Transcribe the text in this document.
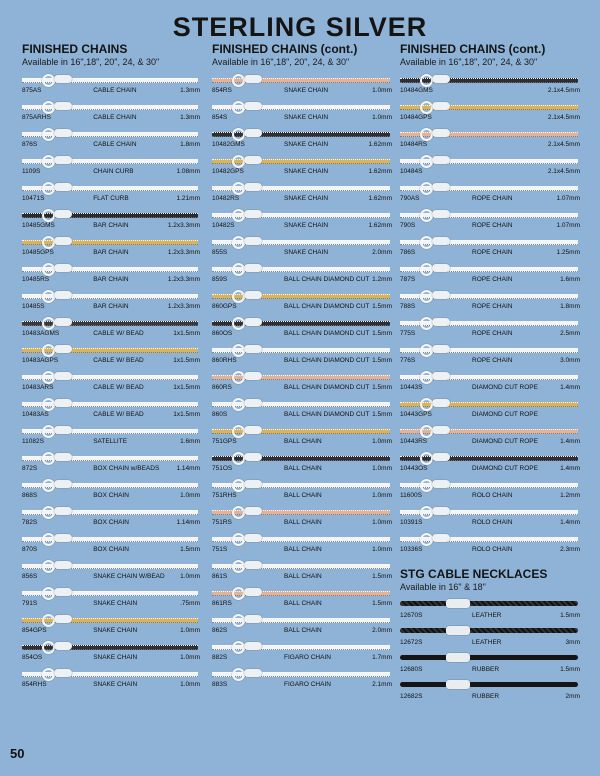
STERLING SILVER
FINISHED CHAINS
Available in 16",18", 20", 24, & 30"
875AS	CABLE CHAIN	1.3mm
875ARHS	CABLE CHAIN	1.3mm
876S	CABLE CHAIN	1.8mm
1109S	CHAIN CURB	1.08mm
10471S	FLAT CURB	1.21mm
10485GMS	BAR CHAIN	1.2x3.3mm
10485GPS	BAR CHAIN	1.2x3.3mm
10485RS	BAR CHAIN	1.2x3.3mm
10485S	BAR CHAIN	1.2x3.3mm
10483AGMS	CABLE W/ BEAD	1x1.5mm
10483AGPS	CABLE W/ BEAD	1x1.5mm
10483ARS	CABLE W/ BEAD	1x1.5mm
10483AS	CABLE W/ BEAD	1x1.5mm
11082S	SATELLITE	1.6mm
872S	BOX CHAIN w/BEADS	1.14mm
868S	BOX CHAIN	1.0mm
782S	BOX CHAIN	1.14mm
870S	BOX CHAIN	1.5mm
856S	SNAKE CHAIN W/BEAD 1.0mm
791S	SNAKE CHAIN	.75mm
854GPS	SNAKE CHAIN	1.0mm
854OS	SNAKE CHAIN	1.0mm
854RHS	SNAKE CHAIN	1.0mm
FINISHED CHAINS (cont.)
Available in 16",18", 20", 24, & 30"
854RS	SNAKE CHAIN	1.0mm
854S	SNAKE CHAIN	1.0mm
10482GMS	SNAKE CHAIN	1.62mm
10482GPS	SNAKE CHAIN	1.62mm
10482RS	SNAKE CHAIN	1.62mm
10482S	SNAKE CHAIN	1.62mm
855S	SNAKE CHAIN	2.0mm
859S	BALL CHAIN DIAMOND CUT 1.2mm
860GPS	BALL CHAIN DIAMOND CUT 1.5mm
860OS	BALL CHAIN DIAMOND CUT 1.5mm
860RHS	BALL CHAIN DIAMOND CUT 1.5mm
860RS	BALL CHAIN DIAMOND CUT 1.5mm
860S	BALL CHAIN DIAMOND CUT 1.5mm
751GPS	BALL CHAIN	1.0mm
751OS	BALL CHAIN	1.0mm
751RHS	BALL CHAIN	1.0mm
751RS	BALL CHAIN	1.0mm
751S	BALL CHAIN	1.0mm
861S	BALL CHAIN	1.5mm
861RS	BALL CHAIN	1.5mm
862S	BALL CHAIN	2.0mm
882S	FIGARO CHAIN	1.7mm
883S	FIGARO CHAIN	2.1mm
FINISHED CHAINS (cont.)
Available in 16",18", 20", 24, & 30"
10484GMS	2.1x4.5mm
10484GPS	2.1x4.5mm
10484RS	2.1x4.5mm
10484S	2.1x4.5mm
790AS	ROPE CHAIN	1.07mm
790S	ROPE CHAIN	1.07mm
786S	ROPE CHAIN	1.25mm
787S	ROPE CHAIN	1.6mm
788S	ROPE CHAIN	1.8mm
775S	ROPE CHAIN	2.5mm
776S	ROPE CHAIN	3.0mm
10443S	DIAMOND CUT ROPE	1.4mm
10443GPS	DIAMOND CUT ROPE
10443RS	DIAMOND CUT ROPE	1.4mm
10443OS	DIAMOND CUT ROPE	1.4mm
11600S	ROLO CHAIN	1.2mm
10391S	ROLO CHAIN	1.4mm
10336S	ROLO CHAIN	2.3mm
STG CABLE NECKLACES
Available in 16" & 18"
12670S	LEATHER	1.5mm
12672S	LEATHER	3mm
12680S	RUBBER	1.5mm
12682S	RUBBER	2mm
50
